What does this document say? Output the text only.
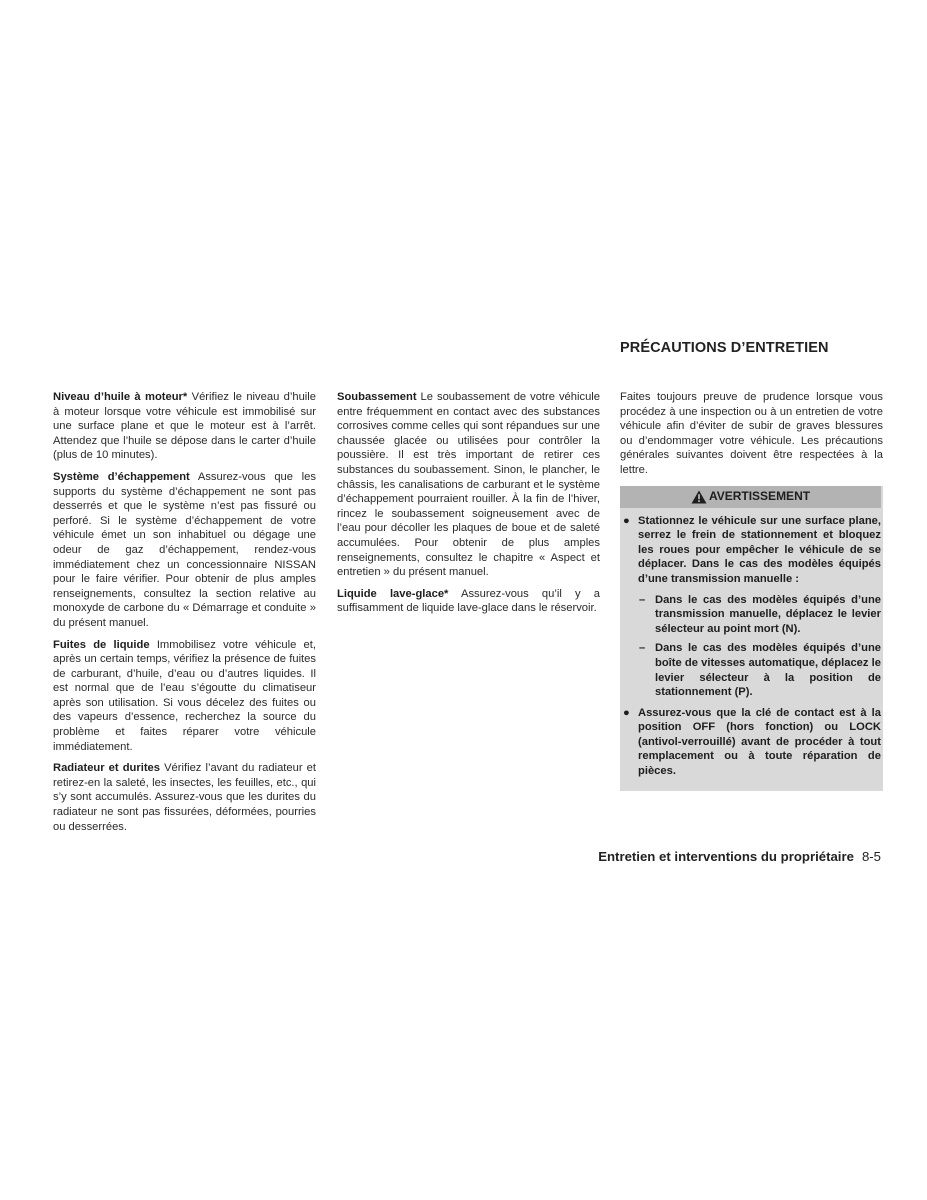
PRÉCAUTIONS D’ENTRETIEN

Niveau d’huile à moteur* Vérifiez le niveau d’huile à moteur lorsque votre véhicule est immobilisé sur une surface plane et que le moteur est à l’arrêt. Attendez que l’huile se dépose dans le carter d’huile (plus de 10 minutes).

Système d’échappement Assurez-vous que les supports du système d’échappement ne sont pas desserrés et que le système n’est pas fissuré ou perforé. Si le système d’échappement de votre véhicule émet un son inhabituel ou dégage une odeur de gaz d’échappement, rendez-vous immédiatement chez un concessionnaire NISSAN pour le faire vérifier. Pour obtenir de plus amples renseignements, consultez la section relative au monoxyde de carbone du « Démarrage et conduite » du présent manuel.

Fuites de liquide Immobilisez votre véhicule et, après un certain temps, vérifiez la présence de fuites de carburant, d’huile, d’eau ou d’autres liquides. Il est normal que de l’eau s’égoutte du climatiseur après son utilisation. Si vous décelez des fuites ou des vapeurs d’essence, recherchez la source du problème et faites réparer votre véhicule immédiatement.

Radiateur et durites Vérifiez l’avant du radiateur et retirez-en la saleté, les insectes, les feuilles, etc., qui s’y sont accumulés. Assurez-vous que les durites du radiateur ne sont pas fissurées, déformées, pourries ou desserrées.

Soubassement Le soubassement de votre véhicule entre fréquemment en contact avec des substances corrosives comme celles qui sont répandues sur une chaussée glacée ou utilisées pour contrôler la poussière. Il est très important de retirer ces substances du soubassement. Sinon, le plancher, le châssis, les canalisations de carburant et le système d’échappement pourraient rouiller. À la fin de l’hiver, rincez le soubassement soigneusement avec de l’eau pour décoller les plaques de boue et de saleté accumulées. Pour obtenir de plus amples renseignements, consultez le chapitre « Aspect et entretien » du présent manuel.

Liquide lave-glace* Assurez-vous qu’il y a suffisamment de liquide lave-glace dans le réservoir.

Faites toujours preuve de prudence lorsque vous procédez à une inspection ou à un entretien de votre véhicule afin d’éviter de subir de graves blessures ou d’endommager votre véhicule. Les précautions générales suivantes doivent être respectées à la lettre.

AVERTISSEMENT
● Stationnez le véhicule sur une surface plane, serrez le frein de stationnement et bloquez les roues pour empêcher le véhicule de se déplacer. Dans le cas des modèles équipés d’une transmission manuelle :
– Dans le cas des modèles équipés d’une transmission manuelle, déplacez le levier sélecteur au point mort (N).
– Dans le cas des modèles équipés d’une boîte de vitesses automatique, déplacez le levier sélecteur à la position de stationnement (P).
● Assurez-vous que la clé de contact est à la position OFF (hors fonction) ou LOCK (antivol-verrouillé) avant de procéder à tout remplacement ou à toute réparation de pièces.
Entretien et interventions du propriétaire 8-5
